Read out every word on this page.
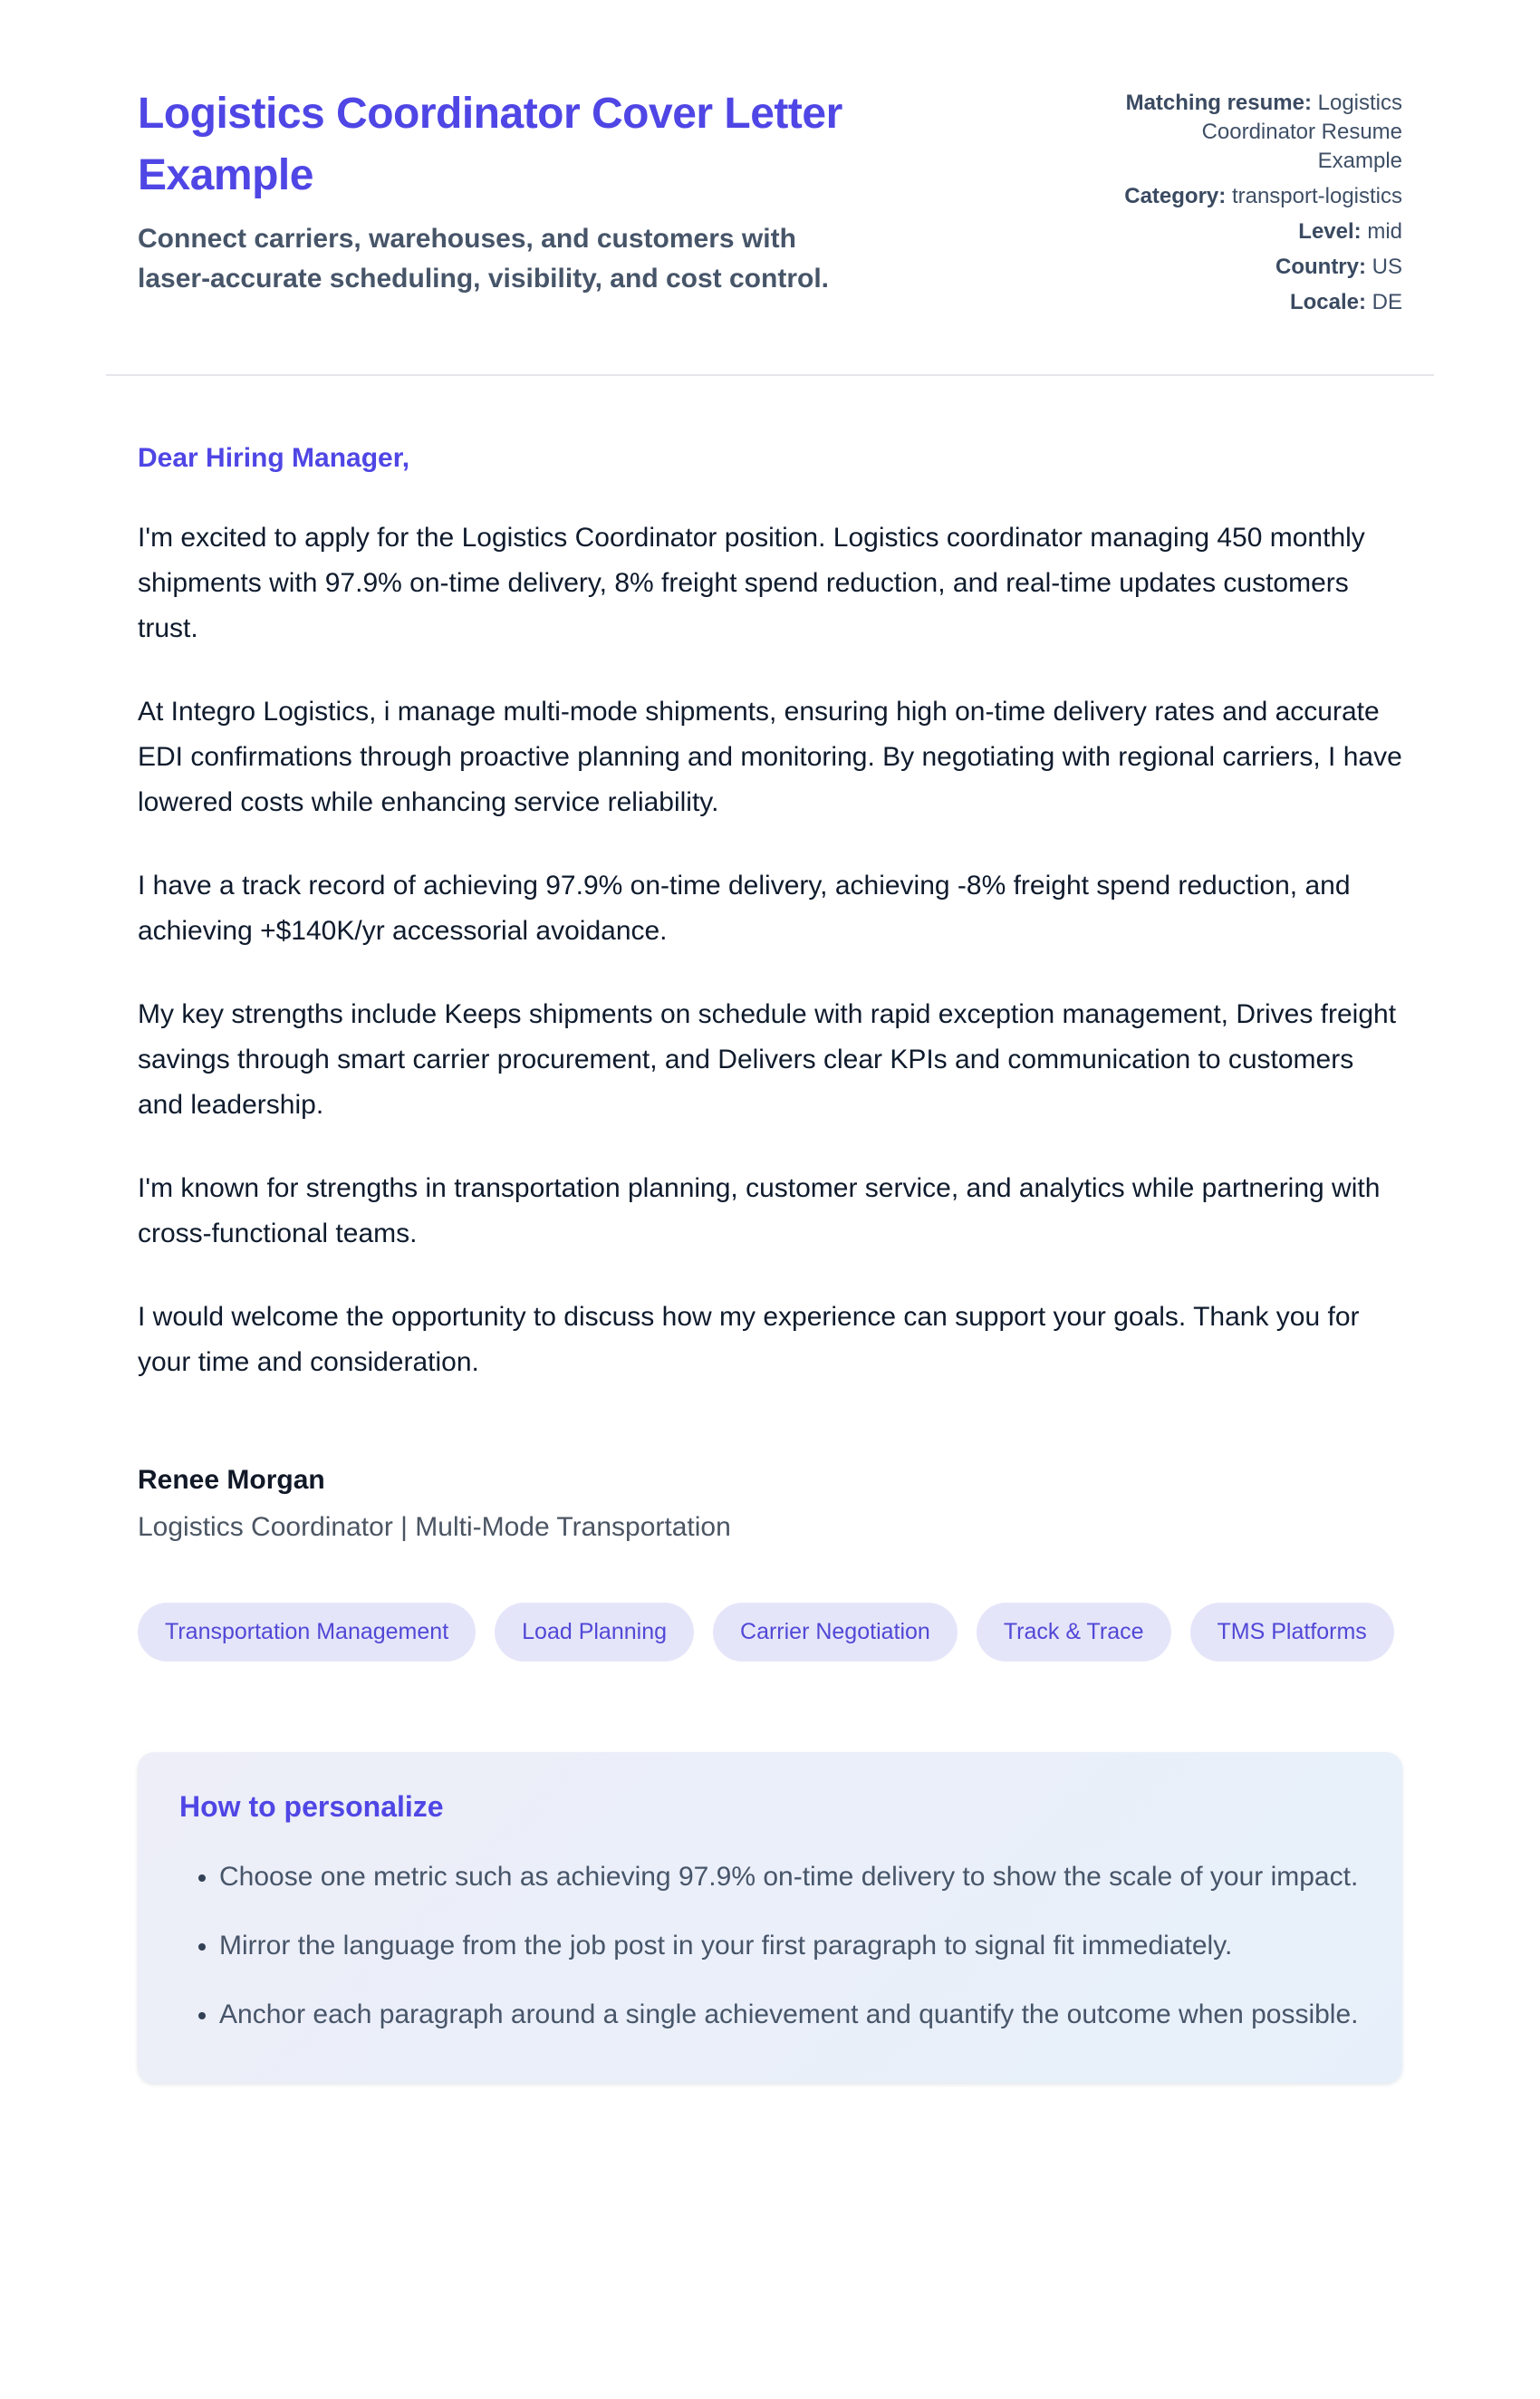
Logistics Coordinator Cover Letter Example

Connect carriers, warehouses, and customers with laser-accurate scheduling, visibility, and cost control.

Matching resume: Logistics Coordinator Resume Example
Category: transport-logistics
Level: mid
Country: US
Locale: DE

Dear Hiring Manager,

I'm excited to apply for the Logistics Coordinator position. Logistics coordinator managing 450 monthly shipments with 97.9% on-time delivery, 8% freight spend reduction, and real-time updates customers trust.

At Integro Logistics, i manage multi-mode shipments, ensuring high on-time delivery rates and accurate EDI confirmations through proactive planning and monitoring. By negotiating with regional carriers, I have lowered costs while enhancing service reliability.

I have a track record of achieving 97.9% on-time delivery, achieving -8% freight spend reduction, and achieving +$140K/yr accessorial avoidance.

My key strengths include Keeps shipments on schedule with rapid exception management, Drives freight savings through smart carrier procurement, and Delivers clear KPIs and communication to customers and leadership.

I'm known for strengths in transportation planning, customer service, and analytics while partnering with cross-functional teams.

I would welcome the opportunity to discuss how my experience can support your goals. Thank you for your time and consideration.

Renee Morgan

Logistics Coordinator | Multi-Mode Transportation

Transportation Management	Load Planning	Carrier Negotiation	Track & Trace	TMS Platforms
How to personalize
• Choose one metric such as achieving 97.9% on-time delivery to show the scale of your impact.
• Mirror the language from the job post in your first paragraph to signal fit immediately.
• Anchor each paragraph around a single achievement and quantify the outcome when possible.
